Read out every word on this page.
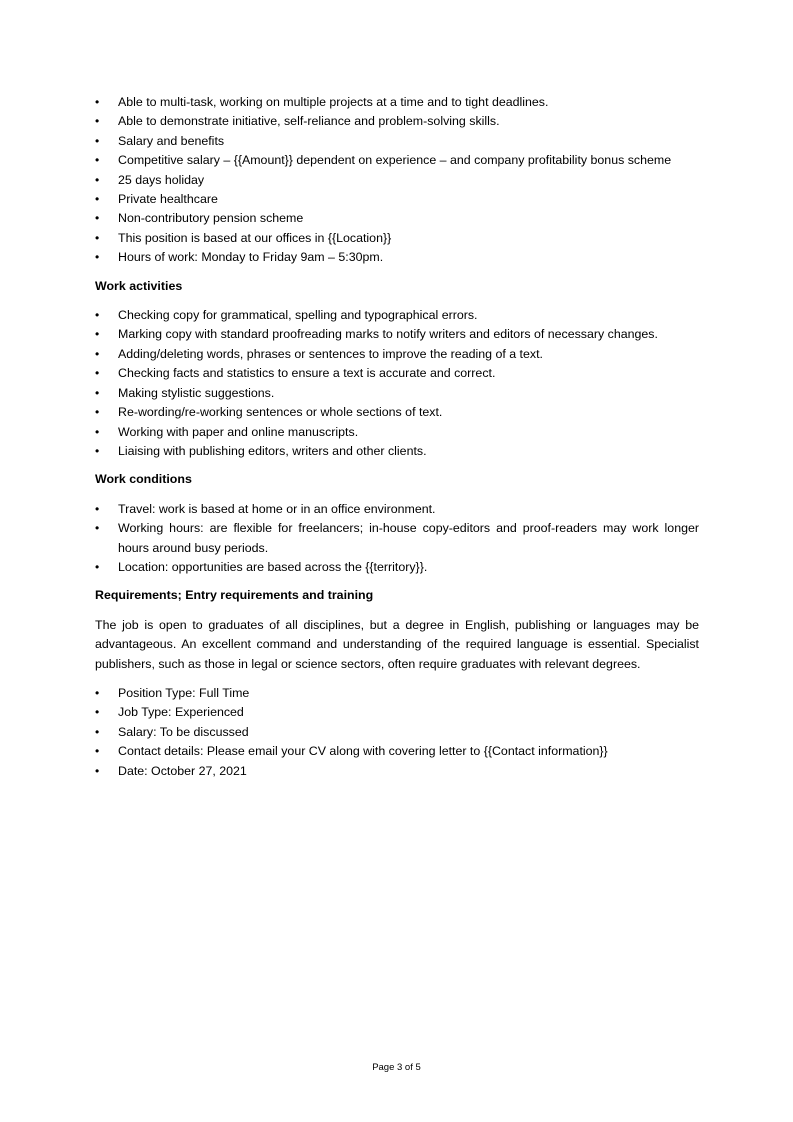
•	Able to multi-task, working on multiple projects at a time and to tight deadlines.
•	Able to demonstrate initiative, self-reliance and problem-solving skills.
•	Salary and benefits
•	Competitive salary – {{Amount}} dependent on experience – and company profitability bonus scheme
•	25 days holiday
•	Private healthcare
•	Non-contributory pension scheme
•	This position is based at our offices in {{Location}}
•	Hours of work: Monday to Friday 9am – 5:30pm.
Work activities
•	Checking copy for grammatical, spelling and typographical errors.
•	Marking copy with standard proofreading marks to notify writers and editors of necessary changes.
•	Adding/deleting words, phrases or sentences to improve the reading of a text.
•	Checking facts and statistics to ensure a text is accurate and correct.
•	Making stylistic suggestions.
•	Re-wording/re-working sentences or whole sections of text.
•	Working with paper and online manuscripts.
•	Liaising with publishing editors, writers and other clients.
Work conditions
•	Travel: work is based at home or in an office environment.
•	Working hours: are flexible for freelancers; in-house copy-editors and proof-readers may work longer hours around busy periods.
•	Location: opportunities are based across the {{territory}}.
Requirements; Entry requirements and training
The job is open to graduates of all disciplines, but a degree in English, publishing or languages may be advantageous. An excellent command and understanding of the required language is essential. Specialist publishers, such as those in legal or science sectors, often require graduates with relevant degrees.
•	Position Type: Full Time
•	Job Type: Experienced
•	Salary: To be discussed
•	Contact details: Please email your CV along with covering letter to {{Contact information}}
•	Date: October 27, 2021
Page 3 of 5
